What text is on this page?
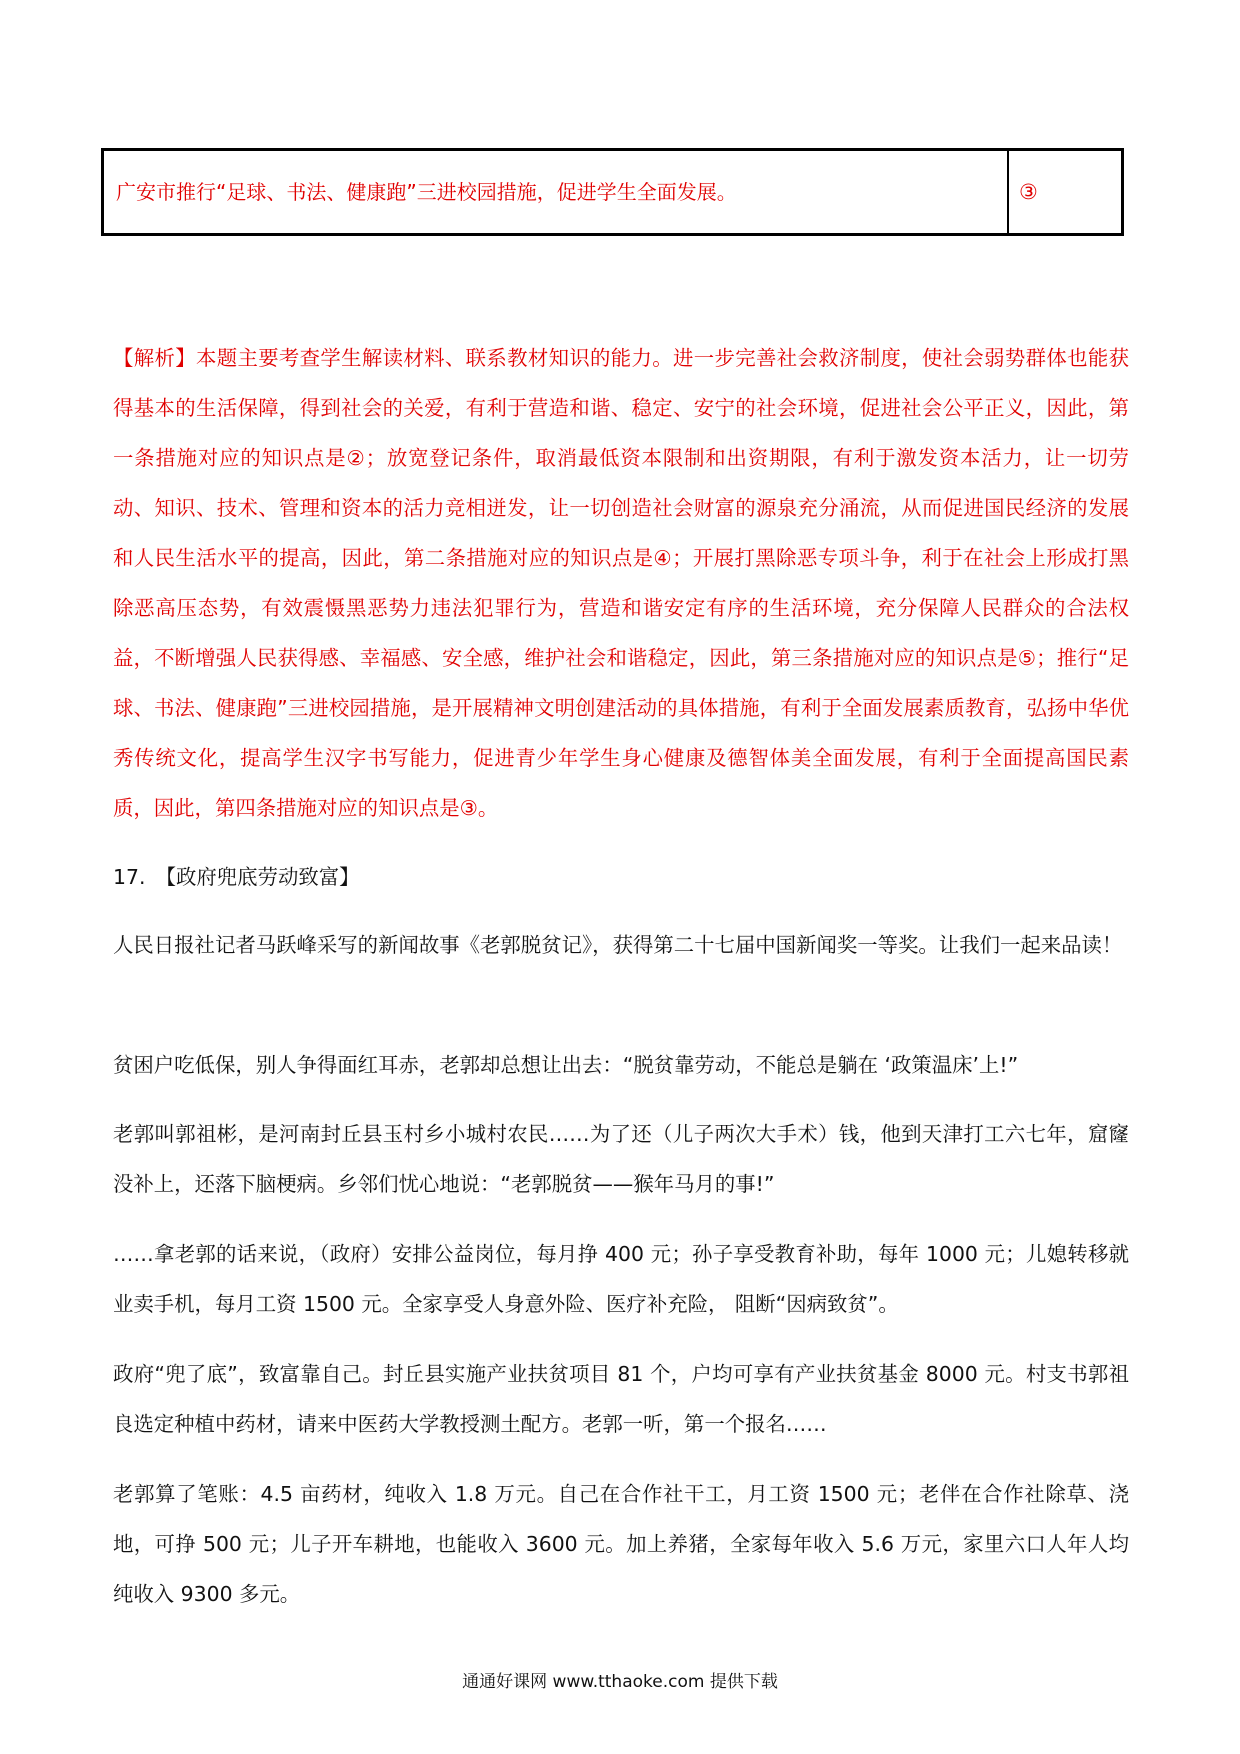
广安市推行“足球、书法、健康跑”三进校园措施，促进学生全面发展。	③

【解析】本题主要考查学生解读材料、联系教材知识的能力。进一步完善社会救济制度，使社会弱势群体也能获得基本的生活保障，得到社会的关爱，有利于营造和谐、稳定、安宁的社会环境，促进社会公平正义，因此，第一条措施对应的知识点是②；放宽登记条件，取消最低资本限制和出资期限，有利于激发资本活力，让一切劳动、知识、技术、管理和资本的活力竞相迸发，让一切创造社会财富的源泉充分涌流，从而促进国民经济的发展和人民生活水平的提高，因此，第二条措施对应的知识点是④；开展打黑除恶专项斗争，利于在社会上形成打黑除恶高压态势，有效震慑黑恶势力违法犯罪行为，营造和谐安定有序的生活环境，充分保障人民群众的合法权益，不断增强人民获得感、幸福感、安全感，维护社会和谐稳定，因此，第三条措施对应的知识点是⑤；推行“足球、书法、健康跑”三进校园措施，是开展精神文明创建活动的具体措施，有利于全面发展素质教育，弘扬中华优秀传统文化，提高学生汉字书写能力，促进青少年学生身心健康及德智体美全面发展，有利于全面提高国民素质，因此，第四条措施对应的知识点是③。

17.　【政府兜底劳动致富】

人民日报社记者马跃峰采写的新闻故事《老郭脱贫记》，获得第二十七届中国新闻奖一等奖。让我们一起来品读！

贫困户吃低保，别人争得面红耳赤，老郭却总想让出去：“脱贫靠劳动，不能总是躺在 ‘政策温床’上!”

老郭叫郭祖彬，是河南封丘县玉村乡小城村农民……为了还（儿子两次大手术）钱，他到天津打工六七年，窟窿没补上，还落下脑梗病。乡邻们忧心地说：“老郭脱贫——猴年马月的事!”

……拿老郭的话来说，（政府）安排公益岗位，每月挣 400 元；孙子享受教育补助，每年 1000 元；儿媳转移就业卖手机，每月工资 1500 元。全家享受人身意外险、医疗补充险， 阻断“因病致贫”。

政府“兜了底”，致富靠自己。封丘县实施产业扶贫项目 81 个，户均可享有产业扶贫基金 8000 元。村支书郭祖良选定种植中药材，请来中医药大学教授测土配方。老郭一听，第一个报名……

老郭算了笔账：4.5 亩药材，纯收入 1.8 万元。自己在合作社干工，月工资 1500 元；老伴在合作社除草、浇地，可挣 500 元；儿子开车耕地，也能收入 3600 元。加上养猪，全家每年收入 5.6 万元，家里六口人年人均纯收入 9300 多元。

通通好课网 www.tthaoke.com 提供下载
